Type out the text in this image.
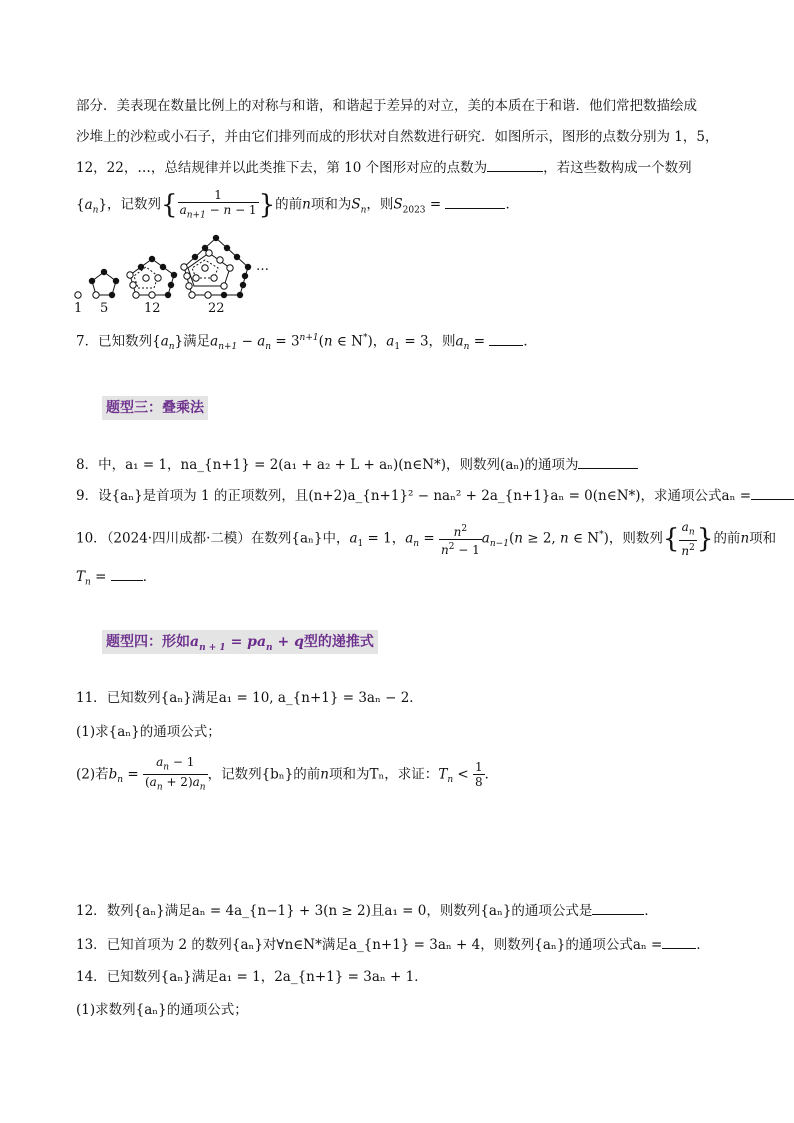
部分．美表现在数量比例上的对称与和谐，和谐起于差异的对立，美的本质在于和谐．他们常把数描绘成
沙堆上的沙粒或小石子，并由它们排列而成的形状对自然数进行研究．如图所示，图形的点数分别为 1，5，
12，22，…，总结规律并以此类推下去，第 10 个图形对应的点数为	，若这些数构成一个数列
$\{a_n\}$，记数列{ $\frac{1}{a_{n+1} - n - 1}$ }的前n项和为$S_n$，则$S_{2023}$ =	．
…
1 5	12	22
7．已知数列$\{a_n\}$满足$a_{n+1} - a_n = 3^{n+1}(n$ ∈ N*)，$a_1 = 3$，则$a_n$ =	．
题型三：叠乘法
8．中，a₁ = 1，na_{n+1} = 2(a₁ + a₂ + L + aₙ)(n∈N*)，则数列(aₙ)的通项为
9．设{aₙ}是首项为 1 的正项数列，且(n+2)a_{n+1}² − naₙ² + 2a_{n+1}aₙ = 0(n∈N*)，求通项公式aₙ =
10．（2024·四川成都·二模）在数列{aₙ}中，$a_1 = 1$，$a_n = \frac{n^2}{n^2 - 1} a_{n-1}(n \ge 2$, n ∈ N*)，则数列{ $\frac{a_n}{n^2}$ }的前n项和
$T_n$ = ．
题型四：形如$a_{n + 1} = pa_n + q$型的递推式
11．已知数列{aₙ}满足a₁ = 10, a_{n+1} = 3aₙ − 2．
(1)求{aₙ}的通项公式；
(2)若$b_n = \frac{a_n - 1}{(a_n + 2)a_n}$ ，记数列{bₙ}的前n项和为Tₙ，求证：$T_n < \frac{1}{8}$ ．
12．数列{aₙ}满足aₙ = 4a_{n−1} + 3(n ≥ 2)且a₁ = 0，则数列{aₙ}的通项公式是	．
13．已知首项为 2 的数列{aₙ}对∀n∈N*满足a_{n+1} = 3aₙ + 4，则数列{aₙ}的通项公式aₙ =	．
14．已知数列{aₙ}满足a₁ = 1，2a_{n+1} = 3aₙ + 1．
(1)求数列{aₙ}的通项公式；
